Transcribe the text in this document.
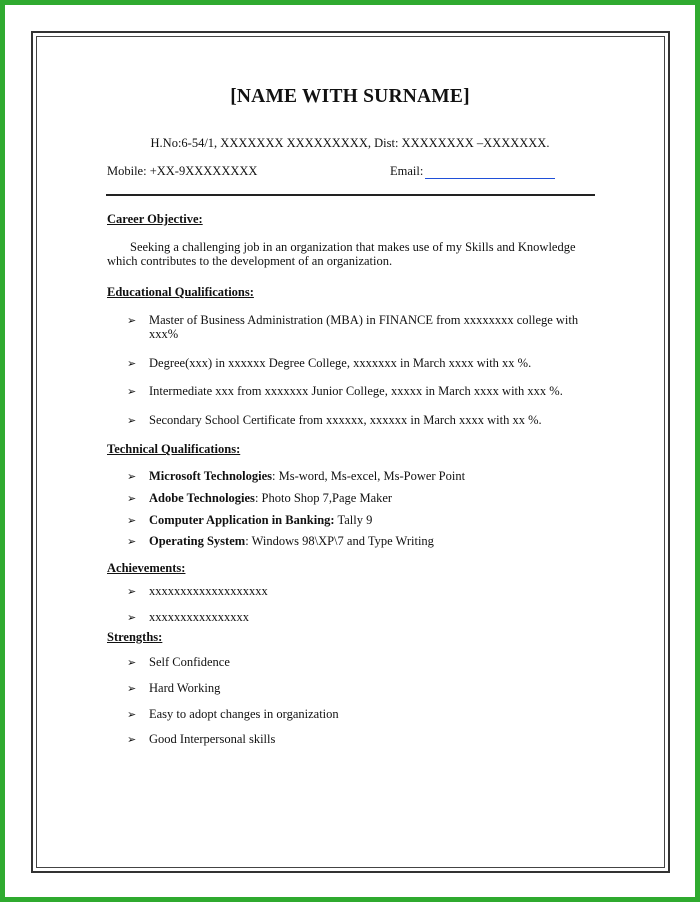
[NAME WITH SURNAME]
H.No:6-54/1, XXXXXXX XXXXXXXXX, Dist: XXXXXXXX –XXXXXXX.
Mobile: +XX-9XXXXXXXX	Email:
Career Objective:
Seeking a challenging job in an organization that makes use of my Skills and Knowledge
which contributes to the development of an organization.
Educational Qualifications:
➢ Master of Business Administration (MBA) in FINANCE from xxxxxxxx college with
xxx%
➢ Degree(xxx) in xxxxxx Degree College, xxxxxxx in March xxxx with xx %.
➢ Intermediate xxx from xxxxxxx Junior College, xxxxx in March xxxx with xxx %.
➢ Secondary School Certificate from xxxxxx, xxxxxx in March xxxx with xx %.
Technical Qualifications:
➢ Microsoft Technologies: Ms-word, Ms-excel, Ms-Power Point
➢ Adobe Technologies: Photo Shop 7,Page Maker
➢ Computer Application in Banking: Tally 9
➢ Operating System: Windows 98\XP\7 and Type Writing
Achievements:
➢ xxxxxxxxxxxxxxxxxxx
➢ xxxxxxxxxxxxxxxx
Strengths:
➢ Self Confidence
➢ Hard Working
➢ Easy to adopt changes in organization
➢ Good Interpersonal skills
